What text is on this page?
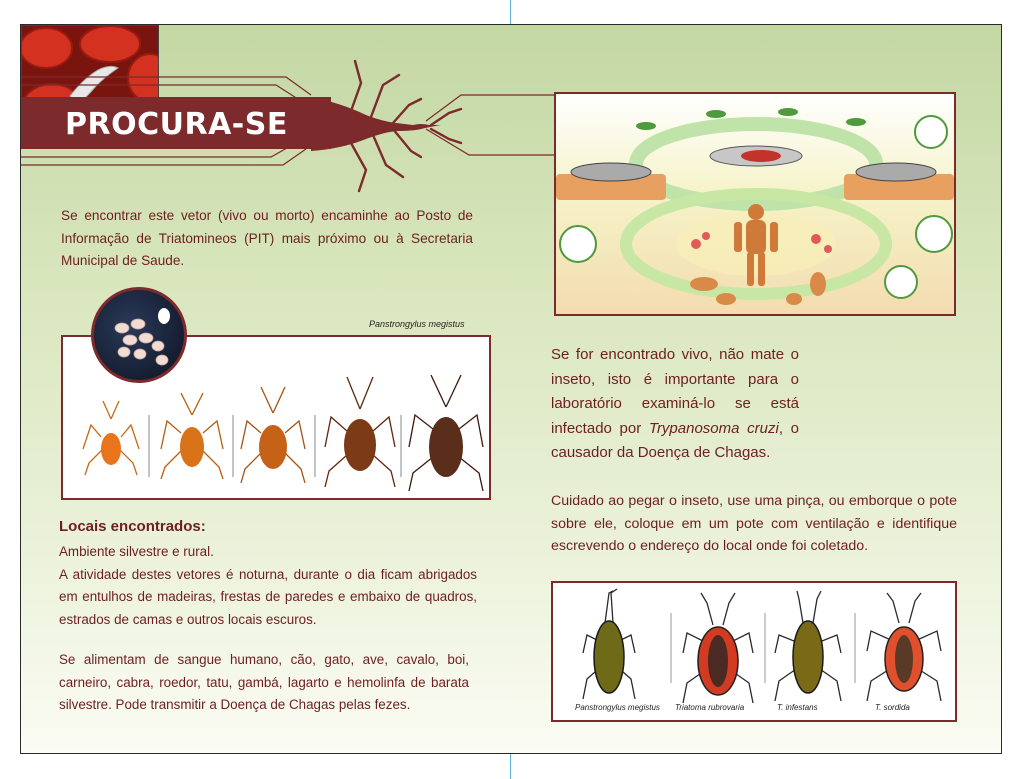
PROCURA-SE
Se encontrar este vetor (vivo ou morto) encaminhe ao Posto de Informação de Triatomineos (PIT) mais próximo ou à Secretaria Municipal de Saude.
Panstrongylus megistus
Se for encontrado vivo, não mate o inseto, isto é importante para o laboratório examiná-lo se está infectado por Trypanosoma cruzi, o causador da Doença de Chagas.
Cuidado ao pegar o inseto, use uma pinça, ou emborque o pote sobre ele, coloque em um pote com ventilação e identifique escrevendo o endereço do local onde foi coletado.
Locais encontrados:
Ambiente silvestre e rural.
A atividade destes vetores é noturna, durante o dia ficam abrigados em entulhos de madeiras, frestas de paredes e embaixo de quadros, estrados de camas e outros locais escuros.
Se alimentam de sangue humano, cão, gato, ave, cavalo, boi, carneiro, cabra, roedor, tatu, gambá, lagarto e hemolinfa de barata silvestre. Pode transmitir a Doença de Chagas pelas fezes.	Panstrongylus megistus Triatoma rubrovaria	T. infestans	T. sordida
